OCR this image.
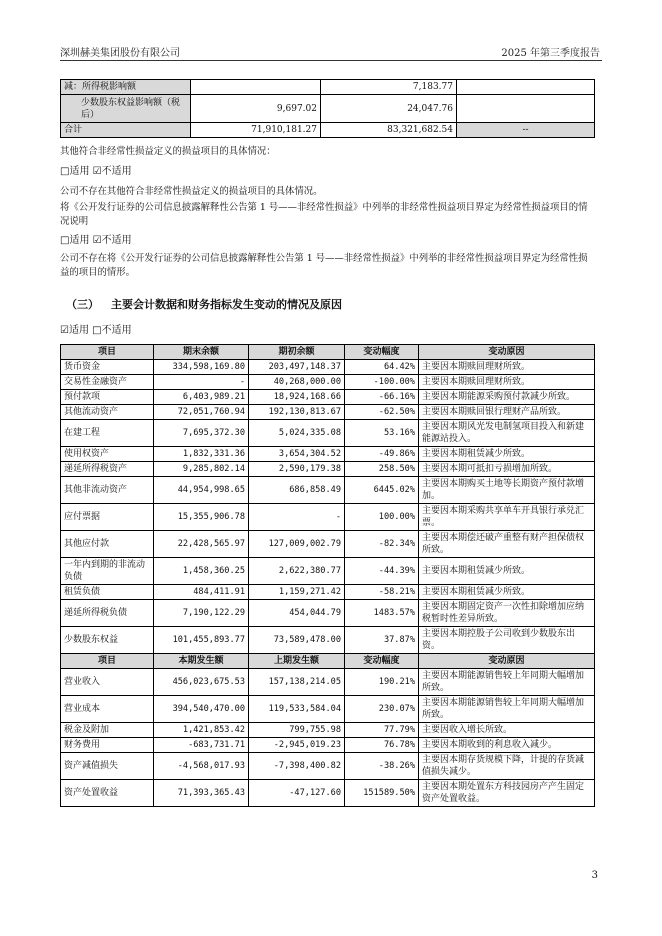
深圳赫美集团股份有限公司	2025 年第三季度报告
减：所得税影响额		7,183.77	
少数股东权益影响额（税后）	9,697.02	24,047.76	
合计	71,910,181.27	83,321,682.54	--
其他符合非经常性损益定义的损益项目的具体情况：
□适用 ☑不适用
公司不存在其他符合非经常性损益定义的损益项目的具体情况。
将《公开发行证券的公司信息披露解释性公告第 1 号——非经常性损益》中列举的非经常性损益项目界定为经常性损益项目的情况说明
□适用 ☑不适用
公司不存在将《公开发行证券的公司信息披露解释性公告第 1 号——非经常性损益》中列举的非经常性损益项目界定为经常性损益的项目的情形。
（三） 主要会计数据和财务指标发生变动的情况及原因
☑适用 □不适用
项目	期末余额	期初余额	变动幅度	变动原因
货币资金	334,598,169.80	203,497,148.37	64.42%	主要因本期赎回理财所致。
交易性金融资产	-	40,268,000.00	-100.00%	主要因本期赎回理财所致。
预付款项	6,403,989.21	18,924,168.66	-66.16%	主要因本期能源采购预付款减少所致。
其他流动资产	72,051,760.94	192,130,813.67	-62.50%	主要因本期赎回银行理财产品所致。
在建工程	7,695,372.30	5,024,335.08	53.16%	主要因本期风光发电制氢项目投入和新建能源站投入。
使用权资产	1,832,331.36	3,654,304.52	-49.86%	主要因本期租赁减少所致。
递延所得税资产	9,285,802.14	2,590,179.38	258.50%	主要因本期可抵扣亏损增加所致。
其他非流动资产	44,954,998.65	686,858.49	6445.02%	主要因本期购买土地等长期资产预付款增加。
应付票据	15,355,906.78	-	100.00%	主要因本期采购共享单车开具银行承兑汇票。
其他应付款	22,428,565.97	127,009,002.79	-82.34%	主要因本期偿还破产重整有财产担保债权所致。
一年内到期的非流动负债	1,458,360.25	2,622,380.77	-44.39%	主要因本期租赁减少所致。
租赁负债	484,411.91	1,159,271.42	-58.21%	主要因本期租赁减少所致。
递延所得税负债	7,190,122.29	454,044.79	1483.57%	主要因本期固定资产一次性扣除增加应纳税暂时性差异所致。
少数股东权益	101,455,893.77	73,589,478.00	37.87%	主要因本期控股子公司收到少数股东出资。
项目	本期发生额	上期发生额	变动幅度	变动原因
营业收入	456,023,675.53	157,138,214.05	190.21%	主要因本期能源销售较上年同期大幅增加所致。
营业成本	394,540,470.00	119,533,584.04	230.07%	主要因本期能源销售较上年同期大幅增加所致。
税金及附加	1,421,853.42	799,755.98	77.79%	主要因收入增长所致。
财务费用	-683,731.71	-2,945,019.23	76.78%	主要因本期收到的利息收入减少。
资产减值损失	-4,568,017.93	-7,398,400.82	-38.26%	主要因本期存货规模下降，计提的存货减值损失减少。
资产处置收益	71,393,365.43	-47,127.60	151589.50%	主要因本期处置东方科技园房产产生固定资产处置收益。
3
